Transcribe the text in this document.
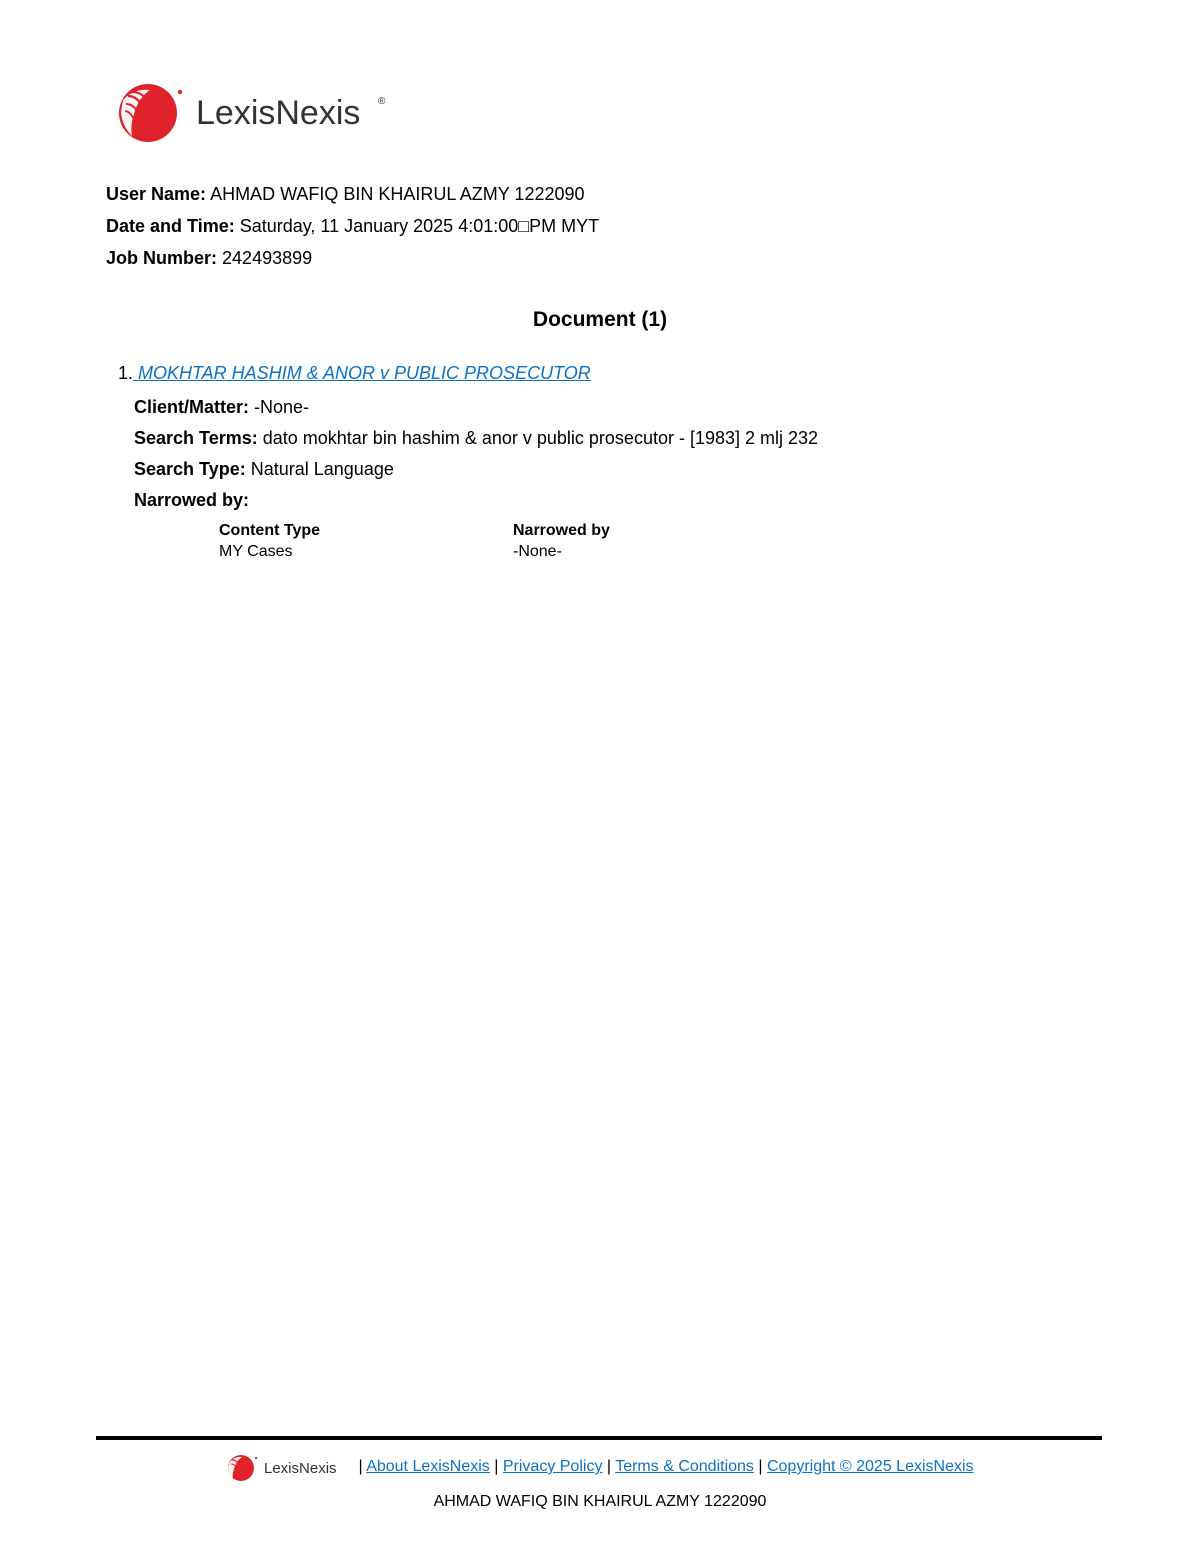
LexisNexis ®
User Name: AHMAD WAFIQ BIN KHAIRUL AZMY 1222090
Date and Time: Saturday, 11 January 2025 4:01:00□PM MYT
Job Number: 242493899
Document (1)
1. MOKHTAR HASHIM & ANOR v PUBLIC PROSECUTOR
Client/Matter: -None-
Search Terms: dato mokhtar bin hashim & anor v public prosecutor - [1983] 2 mlj 232
Search Type: Natural Language
Narrowed by:
Content Type
MY Cases
Narrowed by
-None-
LexisNexis | About LexisNexis | Privacy Policy | Terms & Conditions | Copyright © 2025 LexisNexis
AHMAD WAFIQ BIN KHAIRUL AZMY 1222090
